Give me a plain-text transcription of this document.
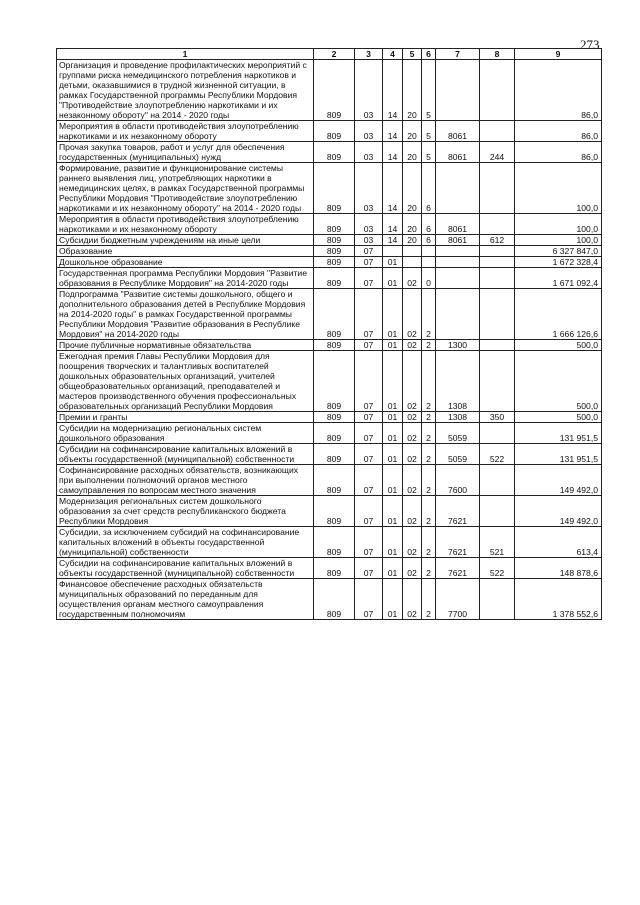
273
1	2	3	4	5	6	7	8	9
Организация и проведение профилактических мероприятий с группами риска немедицинского потребления наркотиков и детьми, оказавшимися в трудной жизненной ситуации, в рамках Государственной программы Республики Мордовия "Противодействие злоупотреблению наркотиками и их незаконному обороту" на 2014 - 2020 годы	809	03	14	20	5			86,0
Мероприятия в области противодействия злоупотреблению наркотиками и их незаконному обороту	809	03	14	20	5	8061		86,0
Прочая закупка товаров, работ и услуг для обеспечения государственных (муниципальных) нужд	809	03	14	20	5	8061	244	86,0
Формирование, развитие и функционирование системы раннего выявления лиц, употребляющих наркотики в немедицинских целях, в рамках Государственной программы Республики Мордовия "Противодействие злоупотреблению наркотиками и их незаконному обороту" на 2014 - 2020 годы	809	03	14	20	6			100,0
Мероприятия в области противодействия злоупотреблению наркотиками и их незаконному обороту	809	03	14	20	6	8061		100,0
Субсидии бюджетным учреждениям на иные цели	809	03	14	20	6	8061	612	100,0
Образование	809	07						6 327 847,0
Дошкольное образование	809	07	01					1 672 328,4
Государственная программа Республики Мордовия "Развитие образования в Республике Мордовия" на 2014-2020 годы	809	07	01	02	0			1 671 092,4
Подпрограмма "Развитие системы дошкольного, общего и дополнительного образования детей в Республике Мордовия на 2014-2020 годы" в рамках Государственной программы Республики Мордовия "Развитие образования в Республике Мордовия" на 2014-2020 годы	809	07	01	02	2			1 666 126,6
Прочие публичные нормативные обязательства	809	07	01	02	2	1300		500,0
Ежегодная премия Главы Республики Мордовия для поощрения творческих и талантливых воспитателей дошкольных образовательных организаций, учителей общеобразовательных организаций, преподавателей и мастеров производственного обучения профессиональных образовательных организаций Республики Мордовия	809	07	01	02	2	1308		500,0
Премии и гранты	809	07	01	02	2	1308	350	500,0
Субсидии на модернизацию региональных систем дошкольного образования	809	07	01	02	2	5059		131 951,5
Субсидии на софинансирование капитальных вложений в объекты государственной (муниципальной) собственности	809	07	01	02	2	5059	522	131 951,5
Софинансирование расходных обязательств, возникающих при выполнении полномочий органов местного самоуправления по вопросам местного значения	809	07	01	02	2	7600		149 492,0
Модернизация региональных систем дошкольного образования за счет средств республиканского бюджета Республики Мордовия	809	07	01	02	2	7621		149 492,0
Субсидии, за исключением субсидий на софинансирование капитальных вложений в объекты государственной (муниципальной) собственности	809	07	01	02	2	7621	521	613,4
Субсидии на софинансирование капитальных вложений в объекты государственной (муниципальной) собственности	809	07	01	02	2	7621	522	148 878,6
Финансовое обеспечение расходных обязательств муниципальных образований по переданным для осуществления органам местного самоуправления государственным полномочиям	809	07	01	02	2	7700		1 378 552,6
